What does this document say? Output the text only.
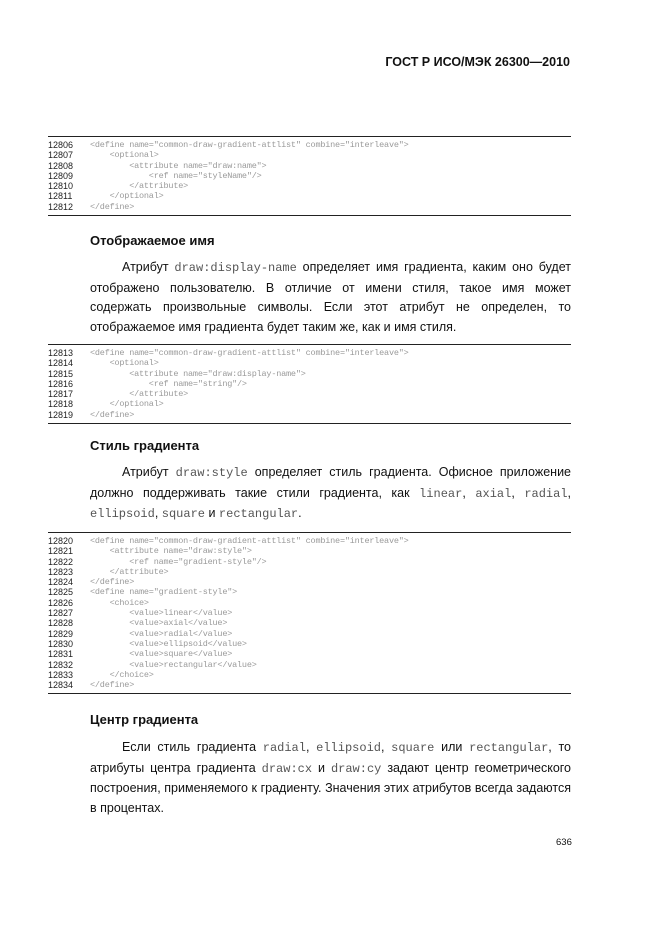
ГОСТ Р ИСО/МЭК 26300—2010
12806	<define name="common-draw-gradient-attlist" combine="interleave">
12807	<optional>
12808	<attribute name="draw:name">
12809	<ref name="styleName"/>
12810	</attribute>
12811	</optional>
12812	</define>
Отображаемое имя
Атрибут draw:display-name определяет имя градиента, каким оно будет отображено пользователю. В отличие от имени стиля, такое имя может содержать произвольные символы. Если этот атрибут не определен, то отображаемое имя градиента будет таким же, как и имя стиля.
12813	<define name="common-draw-gradient-attlist" combine="interleave">
12814	<optional>
12815	<attribute name="draw:display-name">
12816	<ref name="string"/>
12817	</attribute>
12818	</optional>
12819	</define>
Стиль градиента
Атрибут draw:style определяет стиль градиента. Офисное приложение должно поддерживать такие стили градиента, как linear, axial, radial, ellipsoid, square и rectangular.
12820	<define name="common-draw-gradient-attlist" combine="interleave">
12821	<attribute name="draw:style">
12822	<ref name="gradient-style"/>
12823	</attribute>
12824	</define>
12825	<define name="gradient-style">
12826	<choice>
12827	<value>linear</value>
12828	<value>axial</value>
12829	<value>radial</value>
12830	<value>ellipsoid</value>
12831	<value>square</value>
12832	<value>rectangular</value>
12833	</choice>
12834	</define>
Центр градиента
Если стиль градиента radial, ellipsoid, square или rectangular, то атрибуты центра градиента draw:cx и draw:cy задают центр геометрического построения, применяемого к градиенту. Значения этих атрибутов всегда задаются в процентах.
636
